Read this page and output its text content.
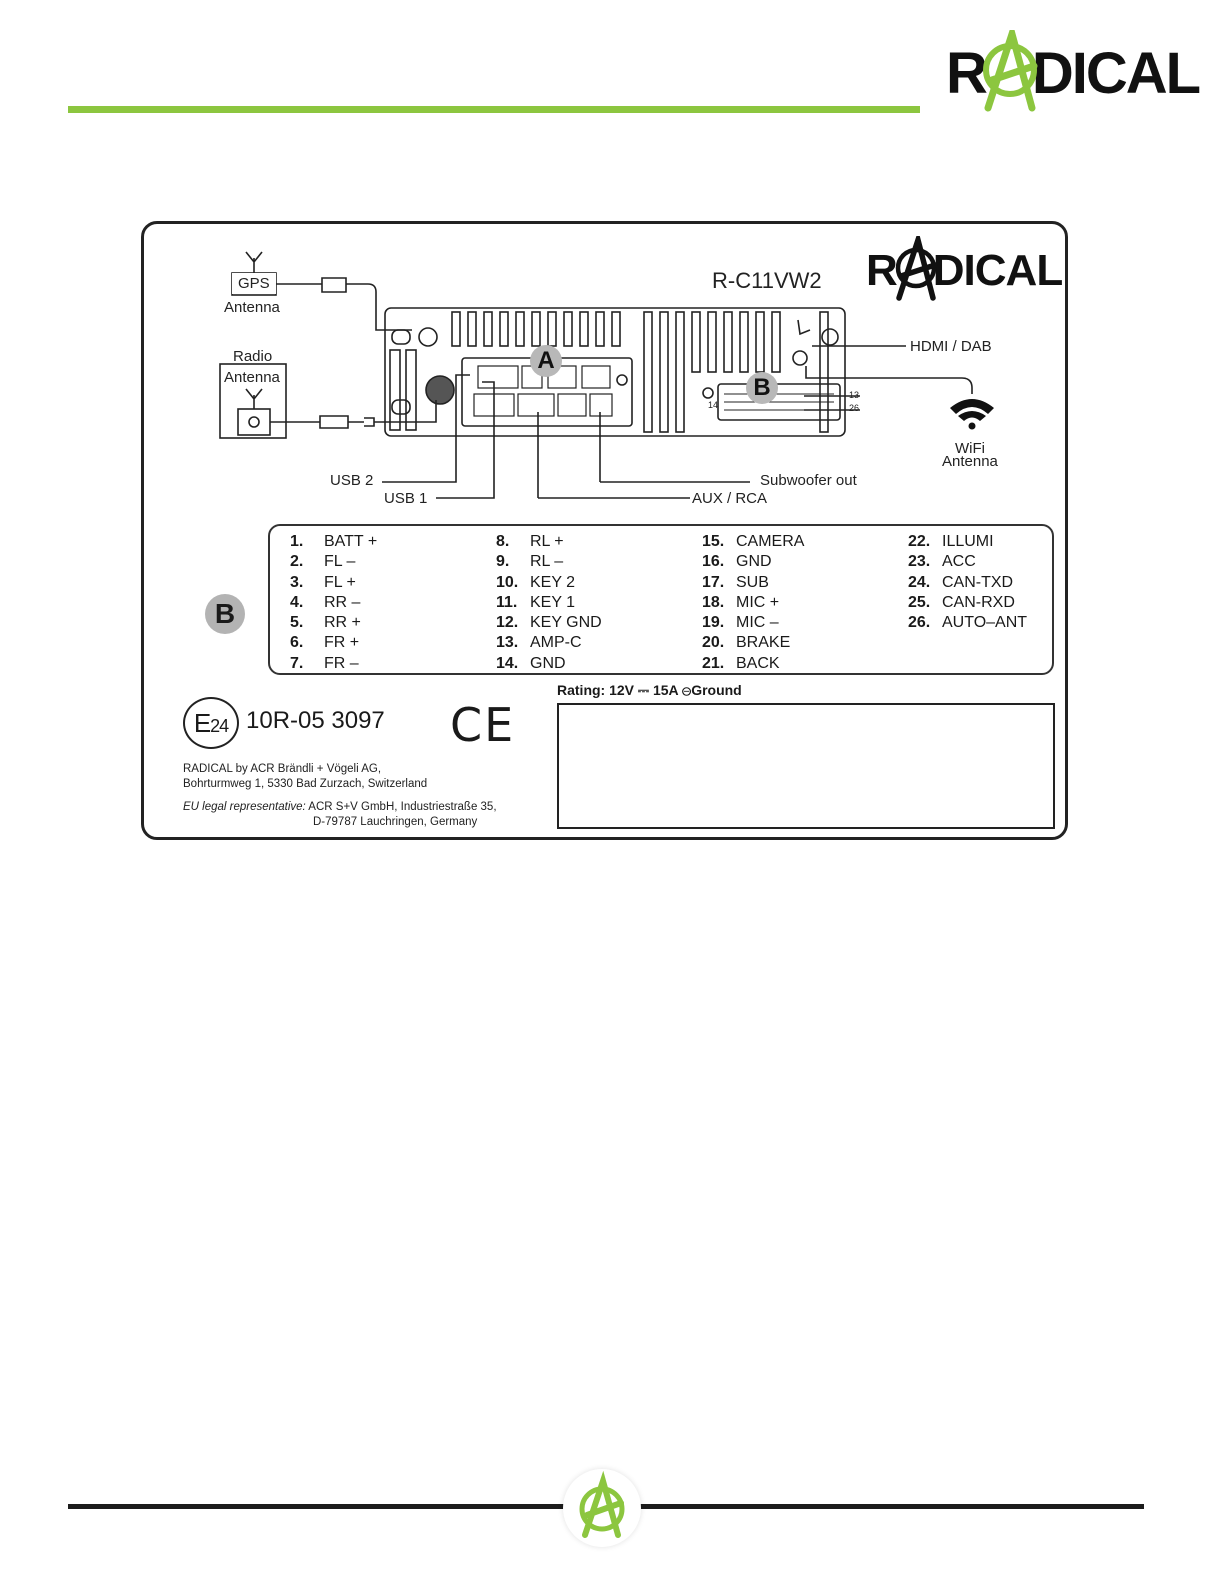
R DICAL
R-C11VW2 R DICAL
GPS
Antenna
Radio
Antenna
WiFi
Antenna
USB 2
USB 1
HDMI / DAB
Subwoofer out
AUX / RCA
13
26
14
A
B
B
1. BATT +
2. FL –
3. FL +
4. RR –
5. RR +
6. FR +
7. FR –
8. RL +
9. RL –
10. KEY 2
11. KEY 1
12. KEY GND
13. AMP-C
14. GND
15. CAMERA
16. GND
17. SUB
18. MIC +
19. MIC –
20. BRAKE
21. BACK
22. ILLUMI
23. ACC
24. CAN-TXD
25. CAN-RXD
26. AUTO–ANT
E24 10R-05 3097 CE
RADICAL by ACR Brändli + Vögeli AG,
Bohrturmweg 1, 5330 Bad Zurzach, Switzerland
EU legal representative: ACR S+V GmbH, Industriestraße 35,
D-79787 Lauchringen, Germany
Rating: 12V ⎓ 15A ⊝Ground
